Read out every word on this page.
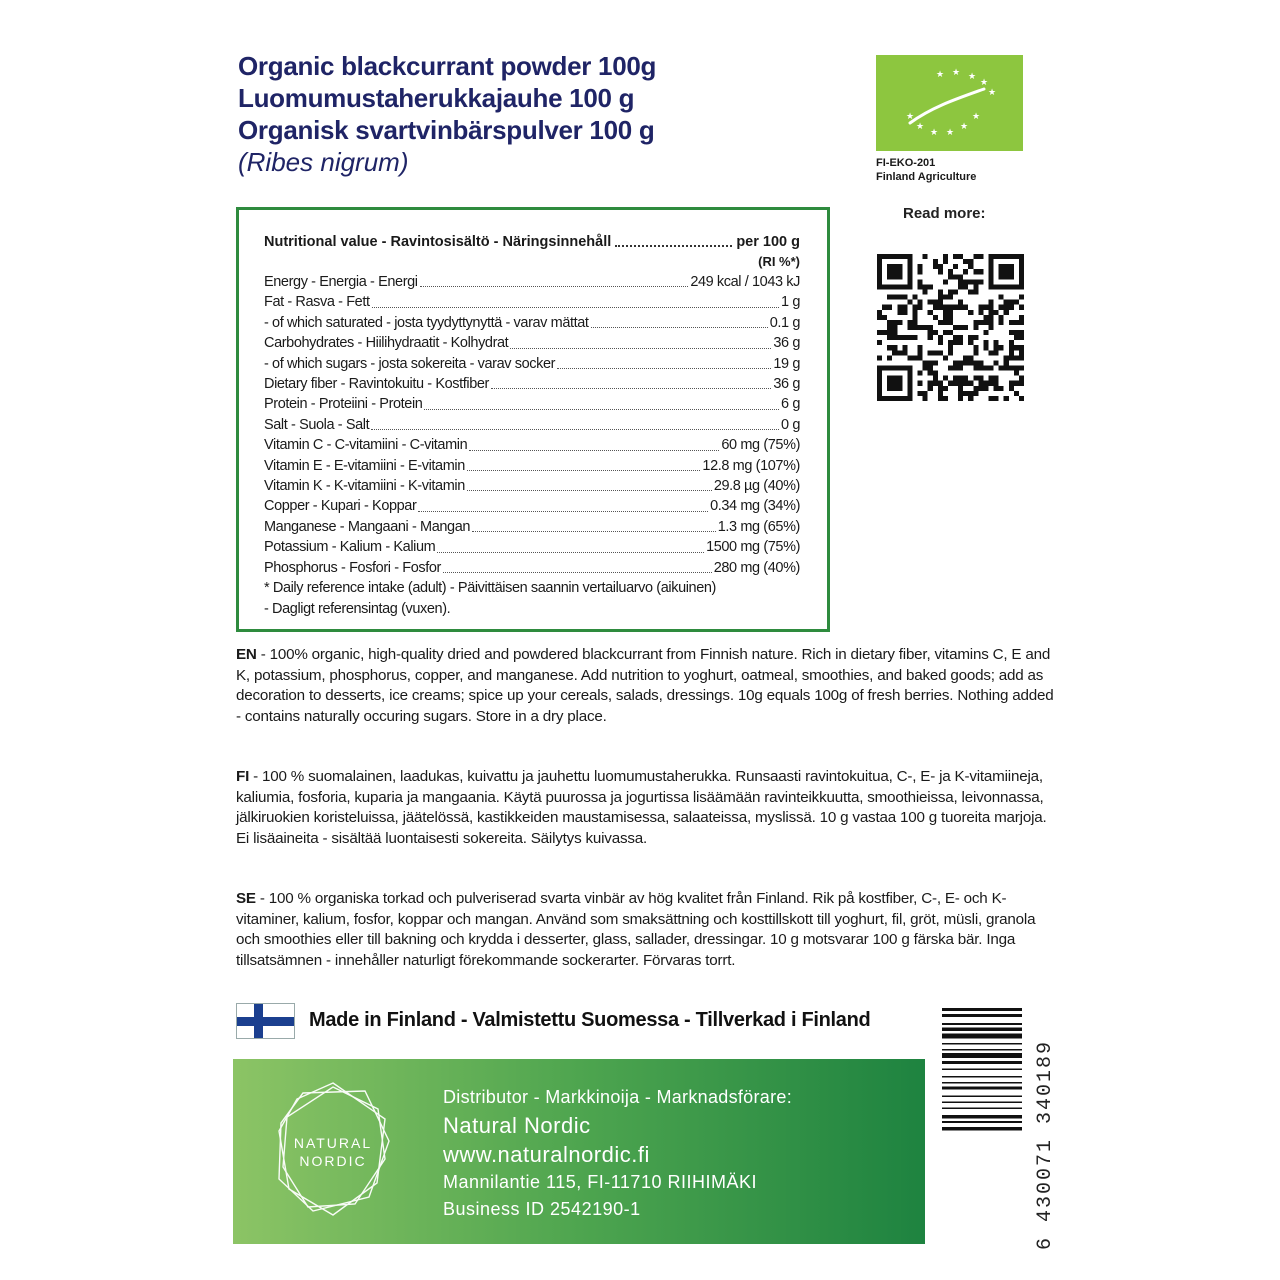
Organic blackcurrant powder 100g
Luomumustaherukkajauhe 100 g
Organisk svartvinbärspulver 100 g
(Ribes nigrum)
★ ★ ★
★
★
★
★ ★
★
★
★
FI-EKO-201
Finland Agriculture
Read more:
Nutritional value - Ravintosisältö - Näringsinnehåll	per 100 g
(RI %*)
Energy - Energia - Energi	249 kcal / 1043 kJ
Fat - Rasva - Fett	1 g
- of which saturated - josta tyydyttynyttä - varav mättat	0.1 g
Carbohydrates - Hiilihydraatit - Kolhydrat	36 g
- of which sugars - josta sokereita - varav socker	19 g
Dietary fiber - Ravintokuitu - Kostfiber	36 g
Protein - Proteiini - Protein	6 g
Salt - Suola - Salt	0 g
Vitamin C - C-vitamiini - C-vitamin	60 mg (75%)
Vitamin E - E-vitamiini - E-vitamin	12.8 mg (107%)
Vitamin K - K-vitamiini - K-vitamin	29.8 µg (40%)
Copper - Kupari - Koppar	0.34 mg (34%)
Manganese - Mangaani - Mangan	1.3 mg (65%)
Potassium - Kalium - Kalium	1500 mg (75%)
Phosphorus - Fosfori - Fosfor	280 mg (40%)
* Daily reference intake (adult) - Päivittäisen saannin vertailuarvo (aikuinen)
- Dagligt referensintag (vuxen).
EN - 100% organic, high-quality dried and powdered blackcurrant from Finnish nature. Rich in dietary fiber, vitamins C, E and K, potassium, phosphorus, copper, and manganese. Add nutrition to yoghurt, oatmeal, smoothies, and baked goods; add as decoration to desserts, ice creams; spice up your cereals, salads, dressings. 10g equals 100g of fresh berries. Nothing added - contains naturally occuring sugars. Store in a dry place.
FI - 100 % suomalainen, laadukas, kuivattu ja jauhettu luomumustaherukka. Runsaasti ravintokuitua, C-, E- ja K-vitamiineja, kaliumia, fosforia, kuparia ja mangaania. Käytä puurossa ja jogurtissa lisäämään ravinteikkuutta, smoothieissa, leivonnassa, jälkiruokien koristeluissa, jäätelössä, kastikkeiden maustamisessa, salaateissa, myslissä. 10 g vastaa 100 g tuoreita marjoja. Ei lisäaineita - sisältää luontaisesti sokereita. Säilytys kuivassa.
SE - 100 % organiska torkad och pulveriserad svarta vinbär av hög kvalitet från Finland. Rik på kostfiber, C-, E- och K-vitaminer, kalium, fosfor, koppar och mangan. Använd som smaksättning och kosttillskott till yoghurt, fil, gröt, müsli, granola och smoothies eller till bakning och krydda i desserter, glass, sallader, dressingar. 10 g motsvarar 100 g färska bär. Inga tillsatsämnen - innehåller naturligt förekommande sockerarter. Förvaras torrt.
Made in Finland - Valmistettu Suomessa - Tillverkad i Finland
6 430071 340189
NATURAL
NORDIC
Distributor - Markkinoija - Marknadsförare:
Natural Nordic
www.naturalnordic.fi
Mannilantie 115, FI-11710 RIIHIMÄKI
Business ID 2542190-1
